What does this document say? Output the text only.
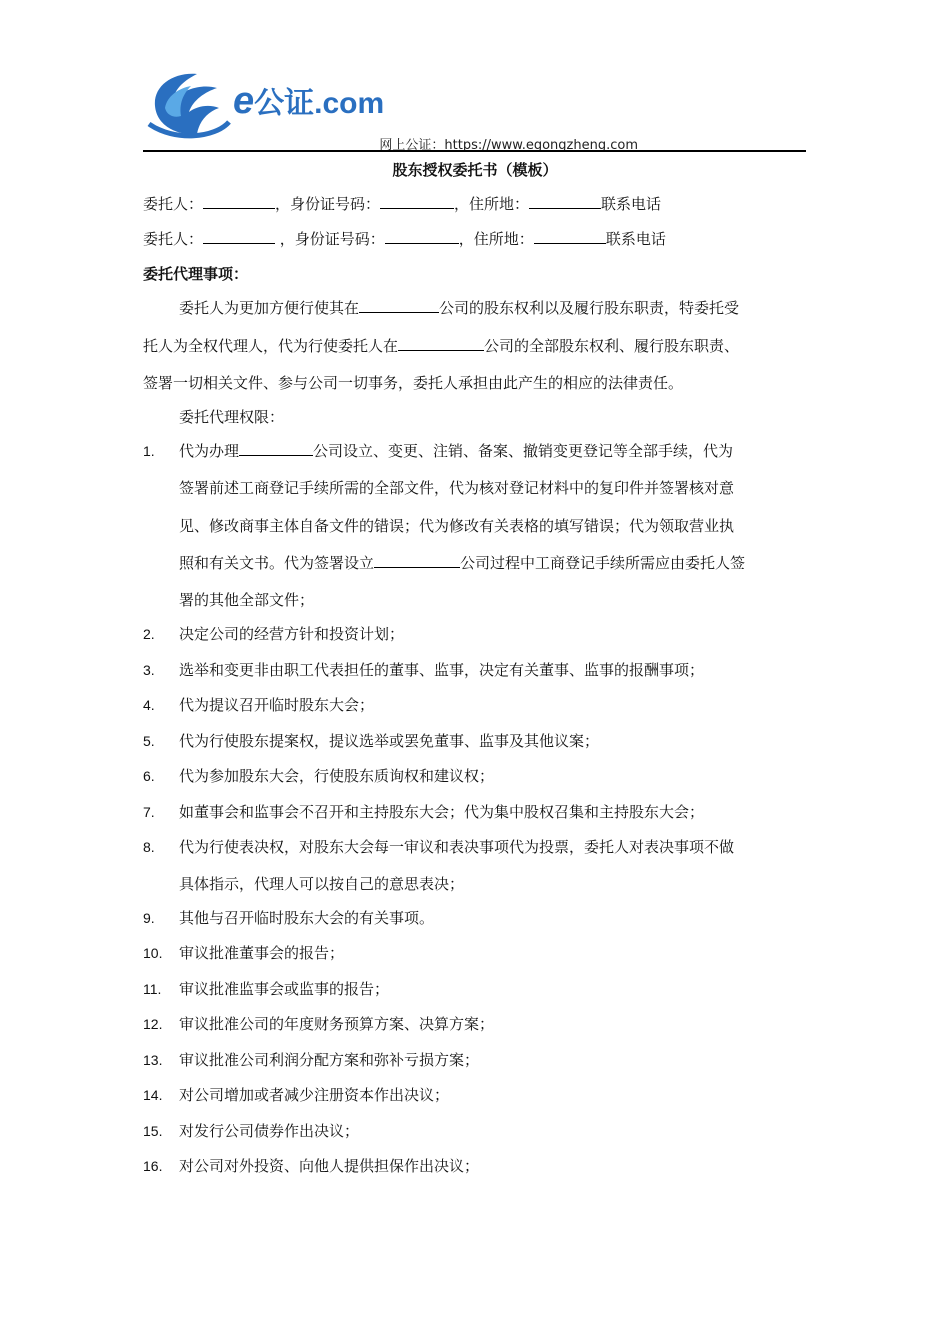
e公证.com
网上公证：https://www.egongzheng.com
股东授权委托书（模板）
委托人：	，身份证号码：	，住所地：	联系电话
委托人：	，身份证号码：	，住所地：	联系电话
委托代理事项：
委托人为更加方便行使其在	公司的股东权利以及履行股东职责，特委托受
托人为全权代理人，代为行使委托人在	公司的全部股东权利、履行股东职责、
签署一切相关文件、参与公司一切事务，委托人承担由此产生的相应的法律责任。
委托代理权限：
1. 代为办理	公司设立、变更、注销、备案、撤销变更登记等全部手续，代为
签署前述工商登记手续所需的全部文件，代为核对登记材料中的复印件并签署核对意
见、修改商事主体自备文件的错误；代为修改有关表格的填写错误；代为领取营业执
照和有关文书。代为签署设立	公司过程中工商登记手续所需应由委托人签
署的其他全部文件；
2. 决定公司的经营方针和投资计划；
3. 选举和变更非由职工代表担任的董事、监事，决定有关董事、监事的报酬事项；
4. 代为提议召开临时股东大会；
5. 代为行使股东提案权，提议选举或罢免董事、监事及其他议案；
6. 代为参加股东大会，行使股东质询权和建议权；
7. 如董事会和监事会不召开和主持股东大会；代为集中股权召集和主持股东大会；
8. 代为行使表决权，对股东大会每一审议和表决事项代为投票，委托人对表决事项不做
具体指示，代理人可以按自己的意思表决；
9. 其他与召开临时股东大会的有关事项。
10. 审议批准董事会的报告；
11. 审议批准监事会或监事的报告；
12. 审议批准公司的年度财务预算方案、决算方案；
13. 审议批准公司利润分配方案和弥补亏损方案；
14. 对公司增加或者减少注册资本作出决议；
15. 对发行公司债券作出决议；
16. 对公司对外投资、向他人提供担保作出决议；
